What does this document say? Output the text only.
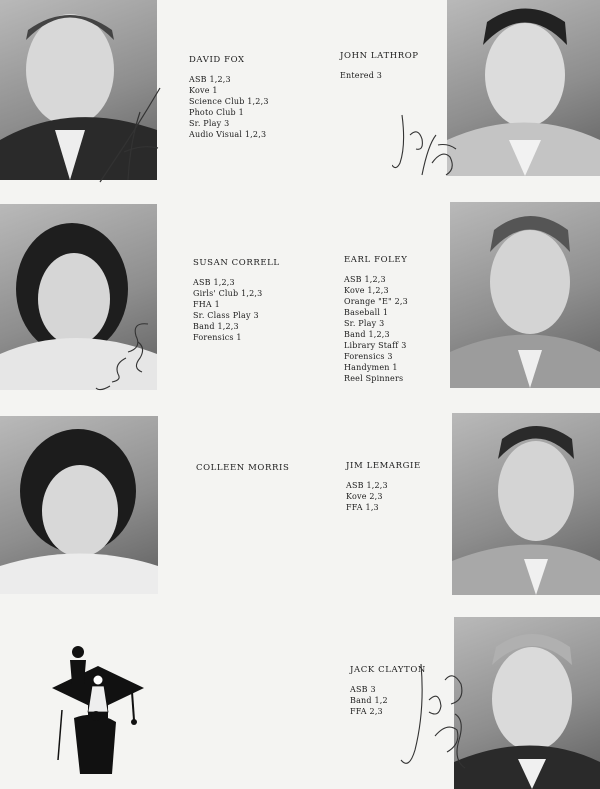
DAVID FOX
ASB 1,2,3
Kove 1
Science Club 1,2,3
Photo Club 1
Sr. Play 3
Audio Visual 1,2,3
JOHN LATHROP
Entered 3
SUSAN CORRELL
ASB 1,2,3
Girls' Club 1,2,3
FHA 1
Sr. Class Play 3
Band 1,2,3
Forensics 1
EARL FOLEY
ASB 1,2,3
Kove 1,2,3
Orange "E" 2,3
Baseball 1
Sr. Play 3
Band 1,2,3
Library Staff 3
Forensics 3
Handymen 1
Reel Spinners
COLLEEN MORRIS	JIM LEMARGIE
ASB 1,2,3
Kove 2,3
FFA 1,3
JACK CLAYTON
ASB 3
Band 1,2
FFA 2,3
